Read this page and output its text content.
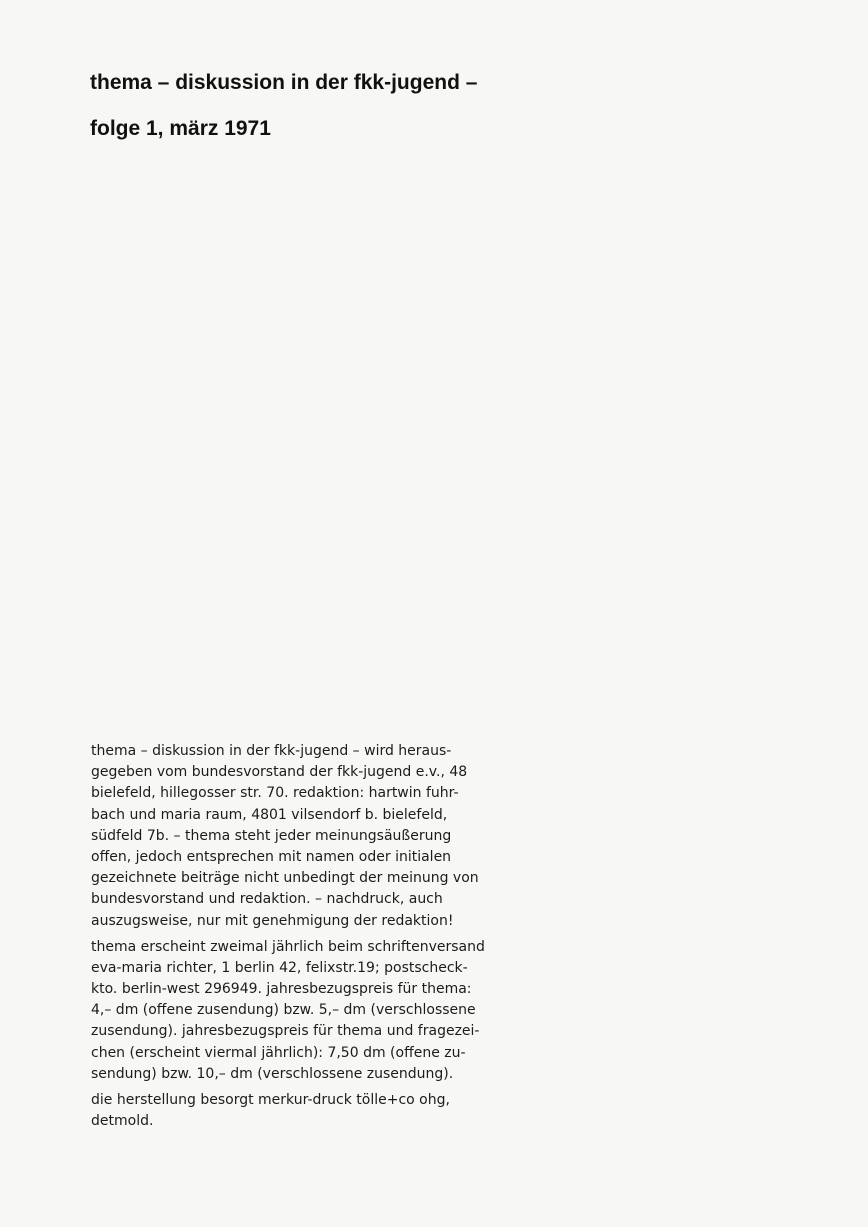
thema – diskussion in der fkk-jugend –
folge 1, märz 1971
thema – diskussion in der fkk-jugend – wird heraus-
gegeben vom bundesvorstand der fkk-jugend e.v., 48
bielefeld, hillegosser str. 70. redaktion: hartwin fuhr-
bach und maria raum, 4801 vilsendorf b. bielefeld,
südfeld 7b. – thema steht jeder meinungsäußerung
offen, jedoch entsprechen mit namen oder initialen
gezeichnete beiträge nicht unbedingt der meinung von
bundesvorstand und redaktion. – nachdruck, auch
auszugsweise, nur mit genehmigung der redaktion!
thema erscheint zweimal jährlich beim schriftenversand
eva-maria richter, 1 berlin 42, felixstr.19; postscheck-
kto. berlin-west 296949. jahresbezugspreis für thema:
4,– dm (offene zusendung) bzw. 5,– dm (verschlossene
zusendung). jahresbezugspreis für thema und fragezei-
chen (erscheint viermal jährlich): 7,50 dm (offene zu-
sendung) bzw. 10,– dm (verschlossene zusendung).
die herstellung besorgt merkur-druck tölle+co ohg,
detmold.
